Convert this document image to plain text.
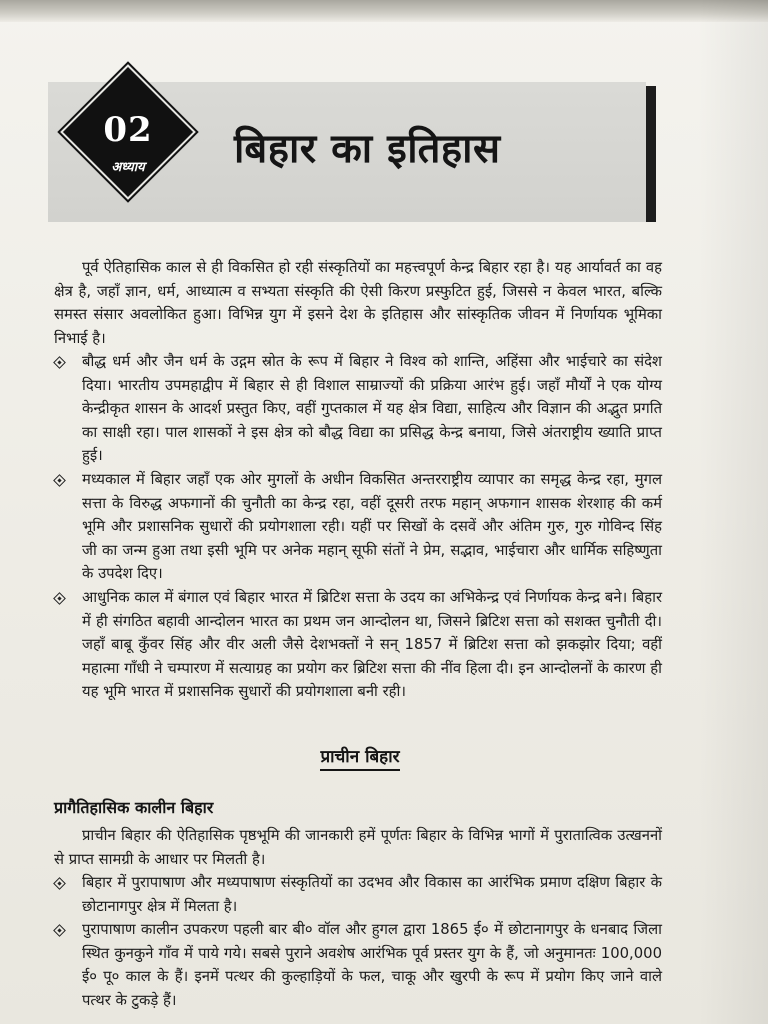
02
अध्याय	बिहार का इतिहास

पूर्व ऐतिहासिक काल से ही विकसित हो रही संस्कृतियों का महत्त्वपूर्ण केन्द्र बिहार रहा है। यह आर्यावर्त का वह क्षेत्र है, जहाँ ज्ञान, धर्म, आध्यात्म व सभ्यता संस्कृति की ऐसी किरण प्रस्फुटित हुई, जिससे न केवल भारत, बल्कि समस्त संसार अवलोकित हुआ। विभिन्न युग में इसने देश के इतिहास और सांस्कृतिक जीवन में निर्णायक भूमिका निभाई है।

बौद्ध धर्म और जैन धर्म के उद्गम स्रोत के रूप में बिहार ने विश्व को शान्ति, अहिंसा और भाईचारे का संदेश दिया। भारतीय उपमहाद्वीप में बिहार से ही विशाल साम्राज्यों की प्रक्रिया आरंभ हुई। जहाँ मौर्यों ने एक योग्य केन्द्रीकृत शासन के आदर्श प्रस्तुत किए, वहीं गुप्तकाल में यह क्षेत्र विद्या, साहित्य और विज्ञान की अद्भुत प्रगति का साक्षी रहा। पाल शासकों ने इस क्षेत्र को बौद्ध विद्या का प्रसिद्ध केन्द्र बनाया, जिसे अंतराष्ट्रीय ख्याति प्राप्त हुई।

मध्यकाल में बिहार जहाँ एक ओर मुगलों के अधीन विकसित अन्तरराष्ट्रीय व्यापार का समृद्ध केन्द्र रहा, मुगल सत्ता के विरुद्ध अफगानों की चुनौती का केन्द्र रहा, वहीं दूसरी तरफ महान् अफगान शासक शेरशाह की कर्म भूमि और प्रशासनिक सुधारों की प्रयोगशाला रही। यहीं पर सिखों के दसवें और अंतिम गुरु, गुरु गोविन्द सिंह जी का जन्म हुआ तथा इसी भूमि पर अनेक महान् सूफी संतों ने प्रेम, सद्भाव, भाईचारा और धार्मिक सहिष्णुता के उपदेश दिए।

आधुनिक काल में बंगाल एवं बिहार भारत में ब्रिटिश सत्ता के उदय का अभिकेन्द्र एवं निर्णायक केन्द्र बने। बिहार में ही संगठित बहावी आन्दोलन भारत का प्रथम जन आन्दोलन था, जिसने ब्रिटिश सत्ता को सशक्त चुनौती दी। जहाँ बाबू कुँवर सिंह और वीर अली जैसे देशभक्तों ने सन् 1857 में ब्रिटिश सत्ता को झकझोर दिया; वहीं महात्मा गाँधी ने चम्पारण में सत्याग्रह का प्रयोग कर ब्रिटिश सत्ता की नींव हिला दी। इन आन्दोलनों के कारण ही यह भूमि भारत में प्रशासनिक सुधारों की प्रयोगशाला बनी रही।

प्राचीन बिहार
प्रागैतिहासिक कालीन बिहार

प्राचीन बिहार की ऐतिहासिक पृष्ठभूमि की जानकारी हमें पूर्णतः बिहार के विभिन्न भागों में पुरातात्विक उत्खननों से प्राप्त सामग्री के आधार पर मिलती है।

बिहार में पुरापाषाण और मध्यपाषाण संस्कृतियों का उदभव और विकास का आरंभिक प्रमाण दक्षिण बिहार के छोटानागपुर क्षेत्र में मिलता है।

पुरापाषाण कालीन उपकरण पहली बार बी० वॉल और हुगल द्वारा 1865 ई० में छोटानागपुर के धनबाद जिला स्थित कुनकुने गाँव में पाये गये। सबसे पुराने अवशेष आरंभिक पूर्व प्रस्तर युग के हैं, जो अनुमानतः 100,000 ई० पू० काल के हैं। इनमें पत्थर की कुल्हाड़ियों के फल, चाकू और खुरपी के रूप में प्रयोग किए जाने वाले पत्थर के टुकड़े हैं।
